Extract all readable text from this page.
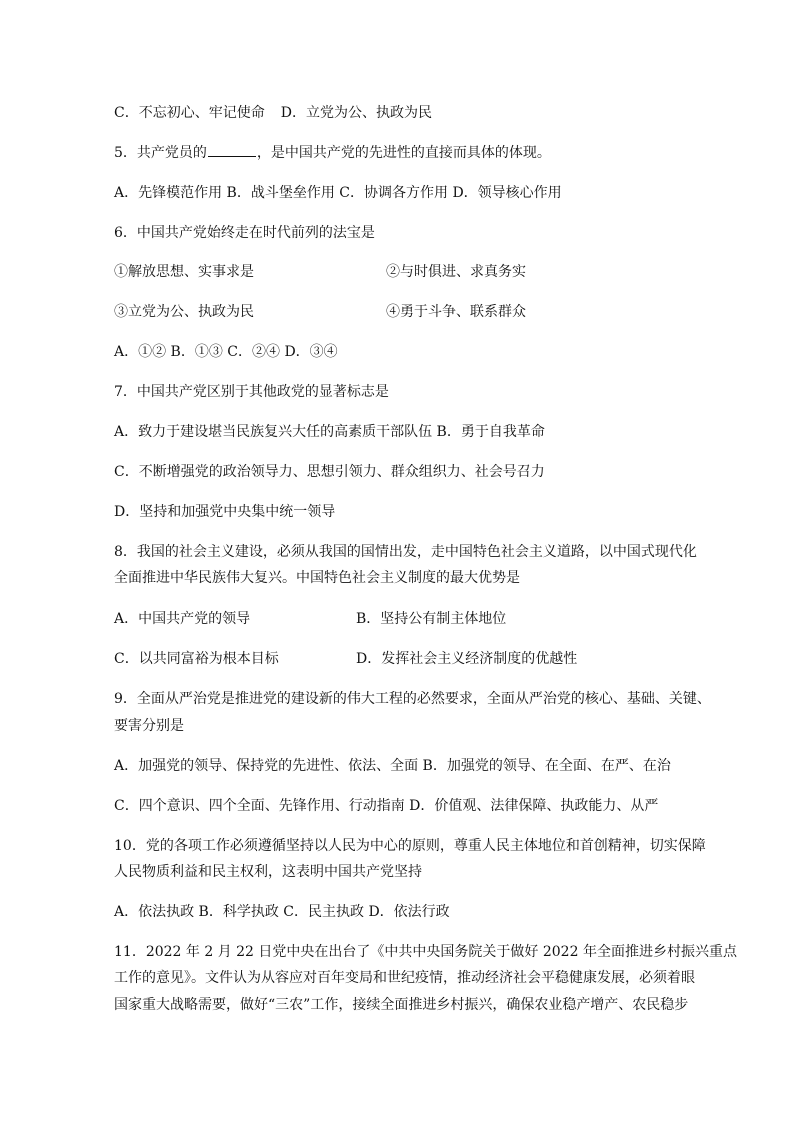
C．不忘初心、牢记使命 D．立党为公、执政为民
5．共产党员的	，是中国共产党的先进性的直接而具体的体现。
A．先锋模范作用 B．战斗堡垒作用 C．协调各方作用 D．领导核心作用
6．中国共产党始终走在时代前列的法宝是
①解放思想、实事求是	②与时俱进、求真务实
③立党为公、执政为民	④勇于斗争、联系群众
A．①② B．①③ C．②④ D．③④
7．中国共产党区别于其他政党的显著标志是
A．致力于建设堪当民族复兴大任的高素质干部队伍 B．勇于自我革命
C．不断增强党的政治领导力、思想引领力、群众组织力、社会号召力
D．坚持和加强党中央集中统一领导
8．我国的社会主义建设，必须从我国的国情出发，走中国特色社会主义道路，以中国式现代化
全面推进中华民族伟大复兴。中国特色社会主义制度的最大优势是
A．中国共产党的领导	B．坚持公有制主体地位
C．以共同富裕为根本目标	D．发挥社会主义经济制度的优越性
9．全面从严治党是推进党的建设新的伟大工程的必然要求，全面从严治党的核心、基础、关键、
要害分别是
A．加强党的领导、保持党的先进性、依法、全面 B．加强党的领导、在全面、在严、在治
C．四个意识、四个全面、先锋作用、行动指南 D．价值观、法律保障、执政能力、从严
10．党的各项工作必须遵循坚持以人民为中心的原则，尊重人民主体地位和首创精神，切实保障
人民物质利益和民主权利，这表明中国共产党坚持
A．依法执政 B．科学执政 C．民主执政 D．依法行政
11．2022 年 2 月 22 日党中央在出台了《中共中央国务院关于做好 2022 年全面推进乡村振兴重点
工作的意见》。文件认为从容应对百年变局和世纪疫情，推动经济社会平稳健康发展，必须着眼
国家重大战略需要，做好“三农”工作，接续全面推进乡村振兴，确保农业稳产增产、农民稳步
